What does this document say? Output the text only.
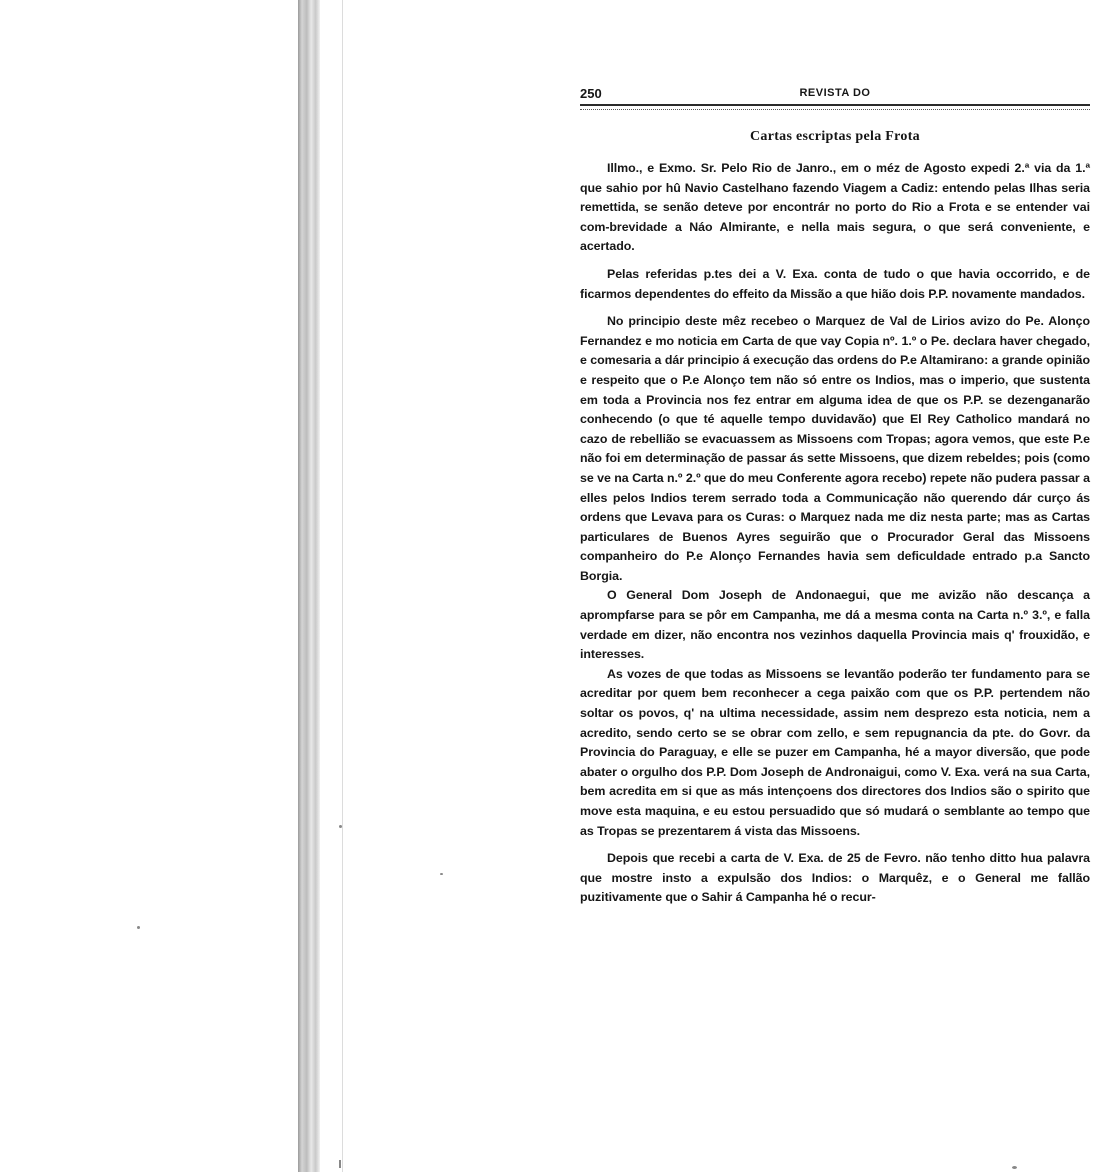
250	REVISTA DO
Cartas escriptas pela Frota

Illmo., e Exmo. Sr. Pelo Rio de Janro., em o méz de Agosto expedi 2.ª via da 1.ª que sahio por hû Navio Castelhano fazendo Viagem a Cadiz: entendo pelas Ilhas seria remettida, se senão deteve por encontrár no porto do Rio a Frota e se entender vai com-brevidade a Náo Almirante, e nella mais segura, o que será conveniente, e acertado.

Pelas referidas p.tes dei a V. Exa. conta de tudo o que havia occorrido, e de ficarmos dependentes do effeito da Missão a que hião dois P.P. novamente mandados.

No principio deste mêz recebeo o Marquez de Val de Lirios avizo do Pe. Alonço Fernandez e mo noticia em Carta de que vay Copia nº. 1.º o Pe. declara haver chegado, e comesaria a dár principio á execução das ordens do P.e Altamirano: a grande opinião e respeito que o P.e Alonço tem não só entre os Indios, mas o imperio, que sustenta em toda a Provincia nos fez entrar em alguma idea de que os P.P. se dezenganarão conhecendo (o que té aquelle tempo duvidavão) que El Rey Catholico mandará no cazo de rebellião se evacuassem as Missoens com Tropas; agora vemos, que este P.e não foi em determinação de passar ás sette Missoens, que dizem rebeldes; pois (como se ve na Carta n.º 2.º que do meu Conferente agora recebo) repete não pudera passar a elles pelos Indios terem serrado toda a Communicação não querendo dár curço ás ordens que Levava para os Curas: o Marquez nada me diz nesta parte; mas as Cartas particulares de Buenos Ayres seguirão que o Procurador Geral das Missoens companheiro do P.e Alonço Fernandes havia sem deficuldade entrado p.a Sancto Borgia.

O General Dom Joseph de Andonaegui, que me avizão não descança a aprompfarse para se pôr em Campanha, me dá a mesma conta na Carta n.º 3.º, e falla verdade em dizer, não encontra nos vezinhos daquella Provincia mais q' frouxidão, e interesses.

As vozes de que todas as Missoens se levantão poderão ter fundamento para se acreditar por quem bem reconhecer a cega paixão com que os P.P. pertendem não soltar os povos, q' na ultima necessidade, assim nem desprezo esta noticia, nem a acredito, sendo certo se se obrar com zello, e sem repugnancia da pte. do Govr. da Provincia do Paraguay, e elle se puzer em Campanha, hé a mayor diversão, que pode abater o orgulho dos P.P. Dom Joseph de Andronaigui, como V. Exa. verá na sua Carta, bem acredita em si que as más intençoens dos directores dos Indios são o spirito que move esta maquina, e eu estou persuadido que só mudará o semblante ao tempo que as Tropas se prezentarem á vista das Missoens.

Depois que recebi a carta de V. Exa. de 25 de Fevro. não tenho ditto hua palavra que mostre insto a expulsão dos Indios: o Marquêz, e o General me fallão puzitivamente que o Sahir á Campanha hé o recur-
